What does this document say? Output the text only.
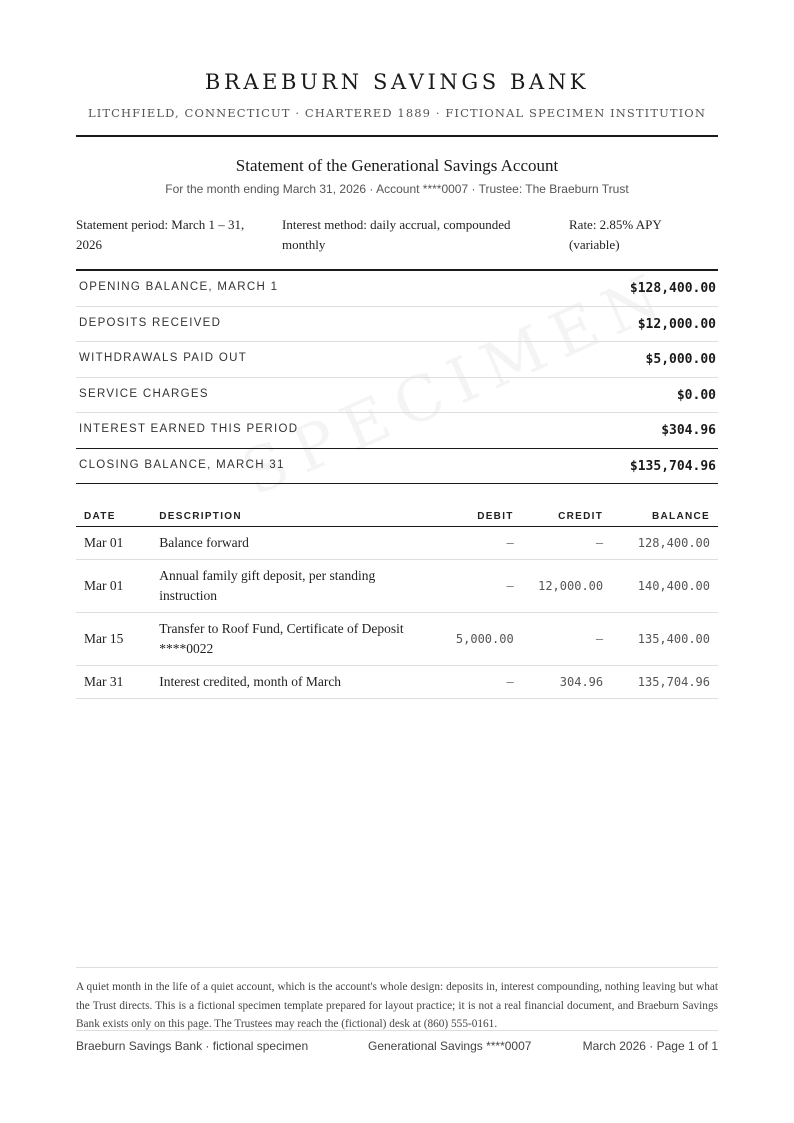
BRAEBURN SAVINGS BANK
LITCHFIELD, CONNECTICUT · CHARTERED 1889 · FICTIONAL SPECIMEN INSTITUTION
Statement of the Generational Savings Account
For the month ending March 31, 2026 · Account ****0007 · Trustee: The Braeburn Trust
Statement period: March 1 – 31, 2026
Interest method: daily accrual, compounded monthly
Rate: 2.85% APY (variable)
OPENING BALANCE, MARCH 1	$128,400.00
DEPOSITS RECEIVED	$12,000.00
WITHDRAWALS PAID OUT	$5,000.00
SERVICE CHARGES	$0.00
INTEREST EARNED THIS PERIOD	$304.96
CLOSING BALANCE, MARCH 31	$135,704.96
DATE	DESCRIPTION	DEBIT	CREDIT	BALANCE
Mar 01	Balance forward	—	—	128,400.00
Mar 01	Annual family gift deposit, per standing instruction	—	12,000.00	140,400.00
Mar 15	Transfer to Roof Fund, Certificate of Deposit ****0022	5,000.00	—	135,400.00
Mar 31	Interest credited, month of March	—	304.96	135,704.96
A quiet month in the life of a quiet account, which is the account's whole design: deposits in, interest compounding, nothing leaving but what the Trust directs. This is a fictional specimen template prepared for layout practice; it is not a real financial document, and Braeburn Savings Bank exists only on this page. The Trustees may reach the (fictional) desk at (860) 555-0161.
Braeburn Savings Bank · fictional specimen	Generational Savings ****0007	March 2026 · Page 1 of 1
